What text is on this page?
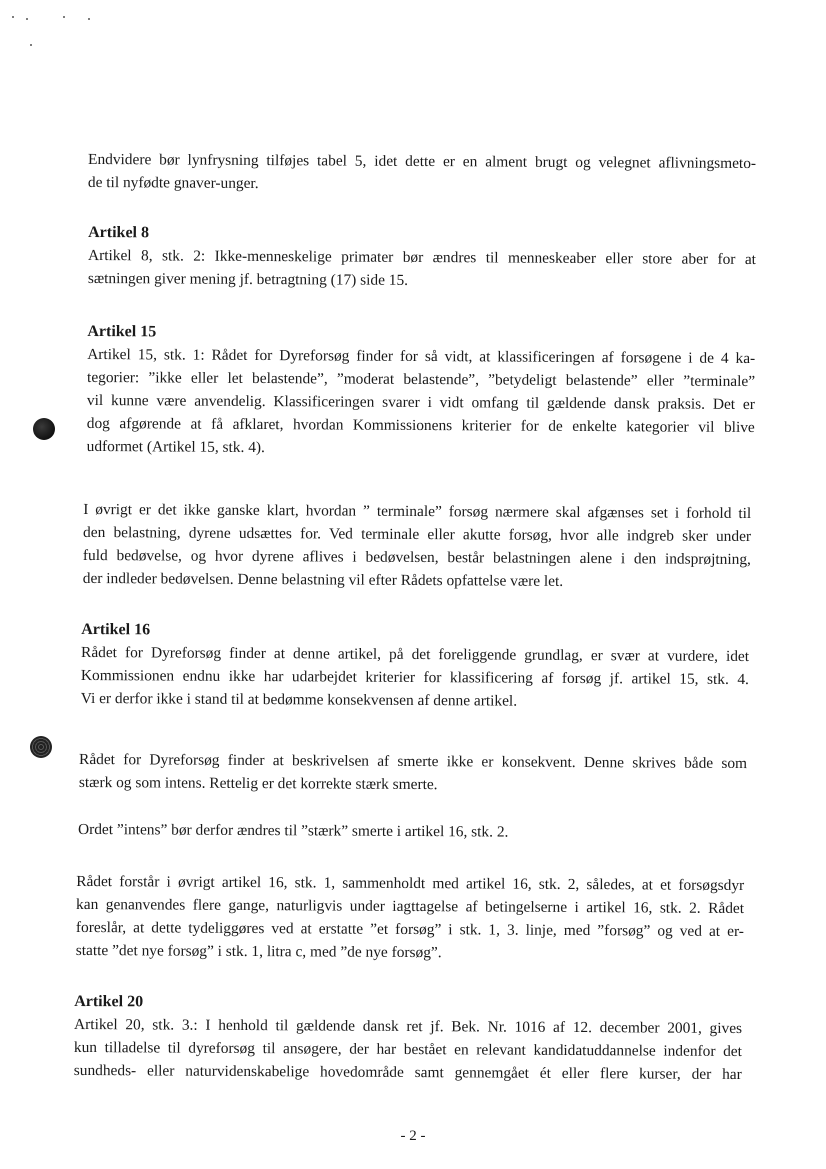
Endvidere bør lynfrysning tilføjes tabel 5, idet dette er en alment brugt og velegnet aflivningsmeto-
de til nyfødte gnaver-unger.
Artikel 8
Artikel 8, stk. 2: Ikke-menneskelige primater bør ændres til menneskeaber eller store aber for at
sætningen giver mening jf. betragtning (17) side 15.
Artikel 15
Artikel 15, stk. 1: Rådet for Dyreforsøg finder for så vidt, at klassificeringen af forsøgene i de 4 ka-
tegorier: ”ikke eller let belastende”, ”moderat belastende”, ”betydeligt belastende” eller ”terminale”
vil kunne være anvendelig. Klassificeringen svarer i vidt omfang til gældende dansk praksis. Det er
dog afgørende at få afklaret, hvordan Kommissionens kriterier for de enkelte kategorier vil blive
udformet (Artikel 15, stk. 4).
I øvrigt er det ikke ganske klart, hvordan ” terminale” forsøg nærmere skal afgænses set i forhold til
den belastning, dyrene udsættes for. Ved terminale eller akutte forsøg, hvor alle indgreb sker under
fuld bedøvelse, og hvor dyrene aflives i bedøvelsen, består belastningen alene i den indsprøjtning,
der indleder bedøvelsen. Denne belastning vil efter Rådets opfattelse være let.
Artikel 16
Rådet for Dyreforsøg finder at denne artikel, på det foreliggende grundlag, er svær at vurdere, idet
Kommissionen endnu ikke har udarbejdet kriterier for klassificering af forsøg jf. artikel 15, stk. 4.
Vi er derfor ikke i stand til at bedømme konsekvensen af denne artikel.
Rådet for Dyreforsøg finder at beskrivelsen af smerte ikke er konsekvent. Denne skrives både som
stærk og som intens. Rettelig er det korrekte stærk smerte.
Ordet ”intens” bør derfor ændres til ”stærk” smerte i artikel 16, stk. 2.
Rådet forstår i øvrigt artikel 16, stk. 1, sammenholdt med artikel 16, stk. 2, således, at et forsøgsdyr
kan genanvendes flere gange, naturligvis under iagttagelse af betingelserne i artikel 16, stk. 2. Rådet
foreslår, at dette tydeliggøres ved at erstatte ”et forsøg” i stk. 1, 3. linje, med ”forsøg” og ved at er-
statte ”det nye forsøg” i stk. 1, litra c, med ”de nye forsøg”.
Artikel 20
Artikel 20, stk. 3.: I henhold til gældende dansk ret jf. Bek. Nr. 1016 af 12. december 2001, gives
kun tilladelse til dyreforsøg til ansøgere, der har bestået en relevant kandidatuddannelse indenfor det
sundheds- eller naturvidenskabelige hovedområde samt gennemgået ét eller flere kurser, der har
- 2 -
